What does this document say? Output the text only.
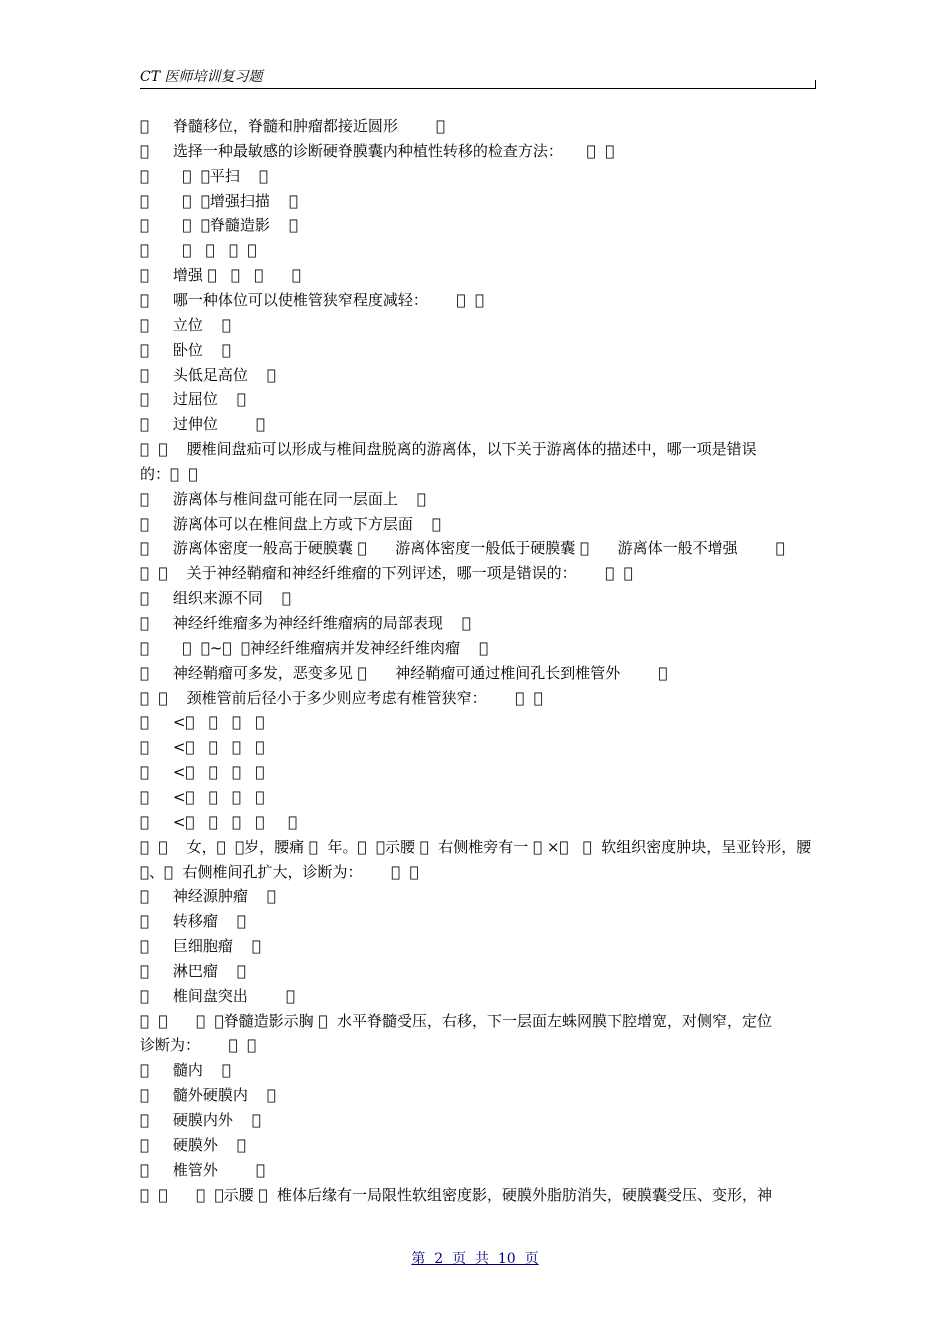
CT 医师培训复习题
脊髓移位，脊髓和肿瘤都接近圆形
选择一种最敏感的诊断硬脊膜囊内种植性转移的检查方法：
平扫
增强扫描
脊髓造影

增强
哪一种体位可以使椎管狭窄程度减轻：
立位
卧位
头低足高位
过屈位
过伸位
腰椎间盘疝可以形成与椎间盘脱离的游离体，以下关于游离体的描述中，哪一项是错误
的：
游离体与椎间盘可能在同一层面上
游离体可以在椎间盘上方或下方层面
游离体密度一般高于硬膜囊        游离体密度一般低于硬膜囊        游离体一般不增强
关于神经鞘瘤和神经纤维瘤的下列评述，哪一项是错误的：
组织来源不同
神经纤维瘤多为神经纤维瘤病的局部表现
~    神经纤维瘤病并发神经纤维肉瘤
神经鞘瘤可多发，恶变多见        神经鞘瘤可通过椎间孔长到椎管外
颈椎管前后径小于多少则应考虑有椎管狭窄：
<
<
<
<
<
女，    岁，腰痛    年。    示腰    右侧椎旁有一   ×       软组织密度肿块，呈亚铃形，腰
、   右侧椎间孔扩大，诊断为：
神经源肿瘤
转移瘤
巨细胞瘤
淋巴瘤
椎间盘突出
脊髓造影示胸    水平脊髓受压，右移，下一层面左蛛网膜下腔增宽，对侧窄，定位
诊断为：
髓内
髓外硬膜内
硬膜内外
硬膜外
椎管外
示腰    椎体后缘有一局限性软组密度影，硬膜外脂肪消失，硬膜囊受压、变形，神
第  2  页  共  10  页
